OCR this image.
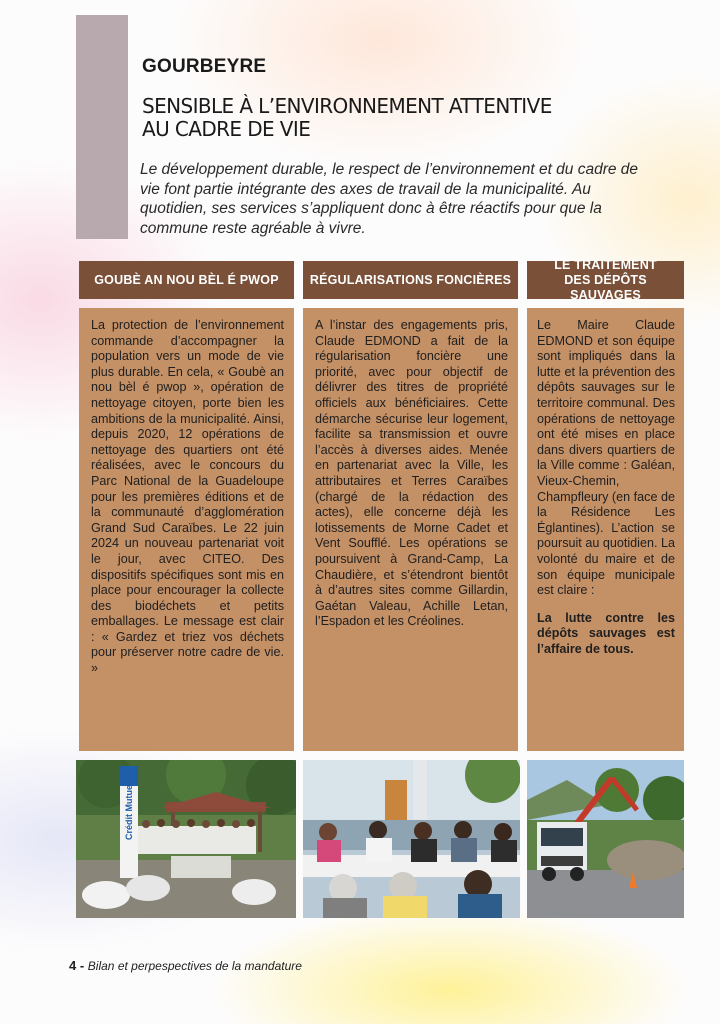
GOURBEYRE
SENSIBLE À L’ENVIRONNEMENT ATTENTIVE AU CADRE DE VIE

Le développement durable, le respect de l’environnement et du cadre de vie font partie intégrante des axes de travail de la municipalité. Au quotidien, ses services s’appliquent donc à être réactifs pour que la commune reste agréable à vivre.

GOUBÈ AN NOU BÈL É PWOP RÉGULARISATIONS FONCIÈRES
LE TRAITEMENT
DES DÉPÔTS SAUVAGES
La protection de l’environnement commande d’accompagner la population vers un mode de vie plus durable. En cela, « Goubè an nou bèl é pwop », opération de nettoyage citoyen, porte bien les ambitions de la municipalité. Ainsi, depuis 2020, 12 opérations de nettoyage des quartiers ont été réalisées, avec le concours du Parc National de la Guadeloupe pour les premières éditions et de la communauté d’agglomération Grand Sud Caraïbes. Le 22 juin 2024 un nouveau partenariat voit le jour, avec CITEO. Des dispositifs spécifiques sont mis en place pour encourager la collecte des biodéchets et petits emballages. Le message est clair : « Gardez et triez vos déchets pour préserver notre cadre de vie. »
A l’instar des engagements pris, Claude EDMOND a fait de la régularisation foncière une priorité, avec pour objectif de délivrer des titres de propriété officiels aux bénéficiaires. Cette démarche sécurise leur logement, facilite sa transmission et ouvre l’accès à diverses aides. Menée en partenariat avec la Ville, les attributaires et Terres Caraïbes (chargé de la rédaction des actes), elle concerne déjà les lotissements de Morne Cadet et Vent Soufflé. Les opérations se poursuivent à Grand-Camp, La Chaudière, et s’étendront bientôt à d’autres sites comme Gillardin, Gaétan Valeau, Achille Letan, l’Espadon et les Créolines.
Le Maire Claude EDMOND et son équipe sont impliqués dans la lutte et la prévention des dépôts sauvages sur le territoire communal. Des opérations de nettoyage ont été mises en place dans divers quartiers de la Ville comme : Galéan, Vieux-Chemin, Champfleury (en face de la Résidence Les Églantines). L’action se poursuit au quotidien. La volonté du maire et de son équipe municipale est claire :
La lutte contre les dépôts sauvages est l’affaire de tous.
Crédit Mutuel
4 - Bilan et perpespectives de la mandature
